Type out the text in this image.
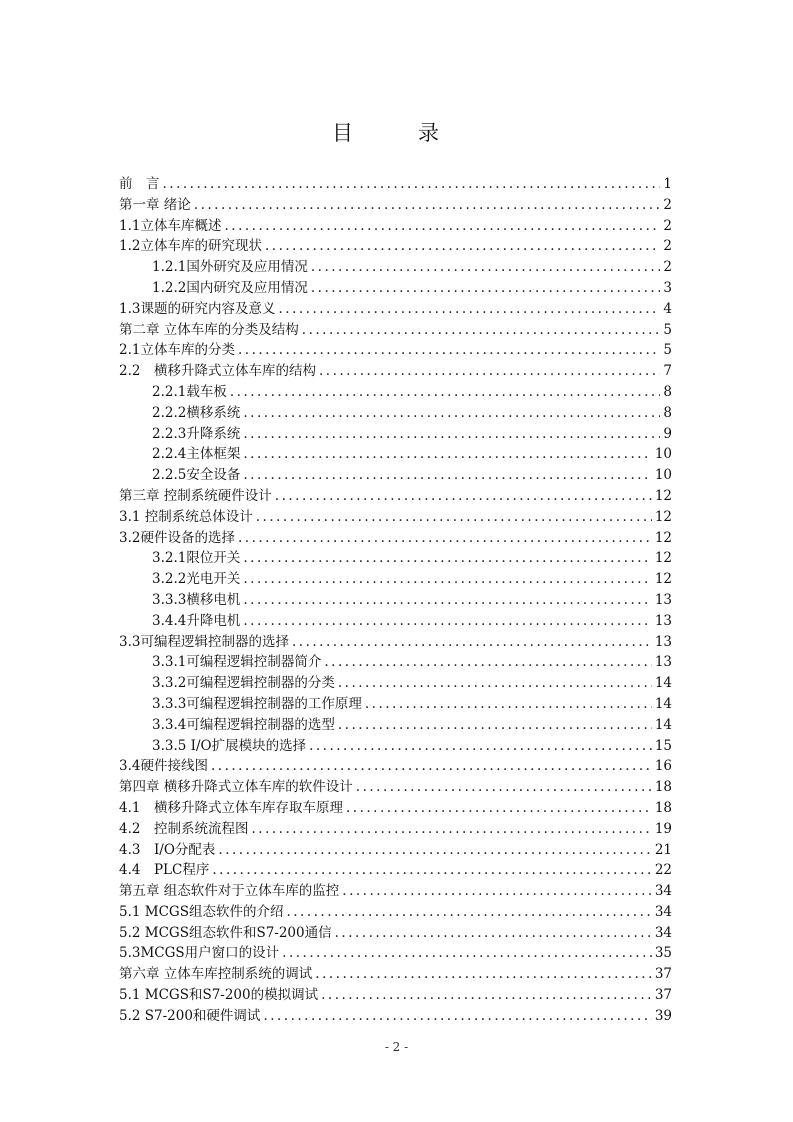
目　录
前　言 .....	1
第一章 绪论 .....	2
1.1立体车库概述 .....	2
1.2立体车库的研究现状 .....	2
1.2.1国外研究及应用情况 .....	2
1.2.2国内研究及应用情况 .....	3
1.3课题的研究内容及意义 .....	4
第二章 立体车库的分类及结构 .....	5
2.1立体车库的分类 .....	5
2.2　横移升降式立体车库的结构 .....	7
2.2.1载车板 .....	8
2.2.2横移系统 .....	8
2.2.3升降系统 .....	9
2.2.4主体框架 .....	10
2.2.5安全设备 .....	10
第三章 控制系统硬件设计 .....	12
3.1 控制系统总体设计 .....	12
3.2硬件设备的选择 .....	12
3.2.1限位开关 .....	12
3.2.2光电开关 .....	12
3.3.3横移电机 .....	13
3.4.4升降电机 .....	13
3.3可编程逻辑控制器的选择 .....	13
3.3.1可编程逻辑控制器简介 .....	13
3.3.2可编程逻辑控制器的分类 .....	14
3.3.3可编程逻辑控制器的工作原理 .....	14
3.3.4可编程逻辑控制器的选型 .....	14
3.3.5 I/O扩展模块的选择 .....	15
3.4硬件接线图 .....	16
第四章 横移升降式立体车库的软件设计 .....	18
4.1　横移升降式立体车库存取车原理 .....	18
4.2　控制系统流程图 .....	19
4.3　I/O分配表 .....	21
4.4　PLC程序 .....	22
第五章 组态软件对于立体车库的监控 .....	34
5.1 MCGS组态软件的介绍 .....	34
5.2 MCGS组态软件和S7-200通信 .....	34
5.3MCGS用户窗口的设计 .....	35
第六章 立体车库控制系统的调试 .....	37
5.1 MCGS和S7-200的模拟调试 .....	37
5.2 S7-200和硬件调试 .....	39
- 2 -
